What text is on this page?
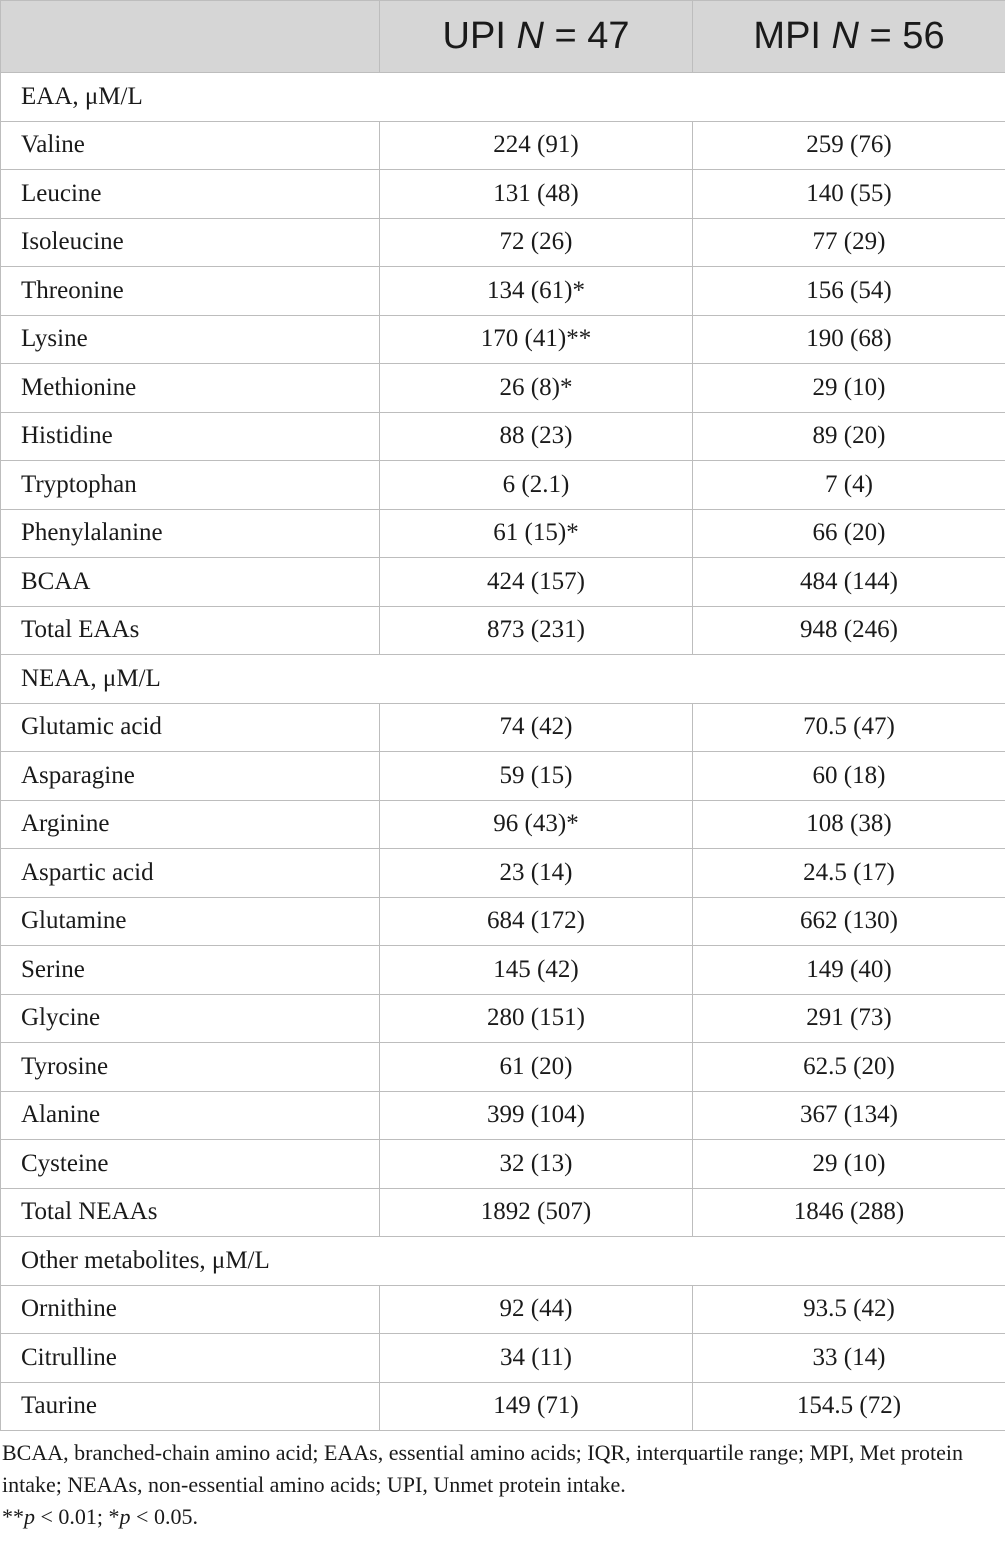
	UPI N = 47	MPI N = 56
EAA, μM/L		
Valine	224 (91)	259 (76)
Leucine	131 (48)	140 (55)
Isoleucine	72 (26)	77 (29)
Threonine	134 (61)*	156 (54)
Lysine	170 (41)**	190 (68)
Methionine	26 (8)*	29 (10)
Histidine	88 (23)	89 (20)
Tryptophan	6 (2.1)	7 (4)
Phenylalanine	61 (15)*	66 (20)
BCAA	424 (157)	484 (144)
Total EAAs	873 (231)	948 (246)
NEAA, μM/L		
Glutamic acid	74 (42)	70.5 (47)
Asparagine	59 (15)	60 (18)
Arginine	96 (43)*	108 (38)
Aspartic acid	23 (14)	24.5 (17)
Glutamine	684 (172)	662 (130)
Serine	145 (42)	149 (40)
Glycine	280 (151)	291 (73)
Tyrosine	61 (20)	62.5 (20)
Alanine	399 (104)	367 (134)
Cysteine	32 (13)	29 (10)
Total NEAAs	1892 (507)	1846 (288)
Other metabolites, μM/L		
Ornithine	92 (44)	93.5 (42)
Citrulline	34 (11)	33 (14)
Taurine	149 (71)	154.5 (72)

BCAA, branched-chain amino acid; EAAs, essential amino acids; IQR, interquartile range; MPI, Met protein intake; NEAAs, non-essential amino acids; UPI, Unmet protein intake.

**p < 0.01; *p < 0.05.
